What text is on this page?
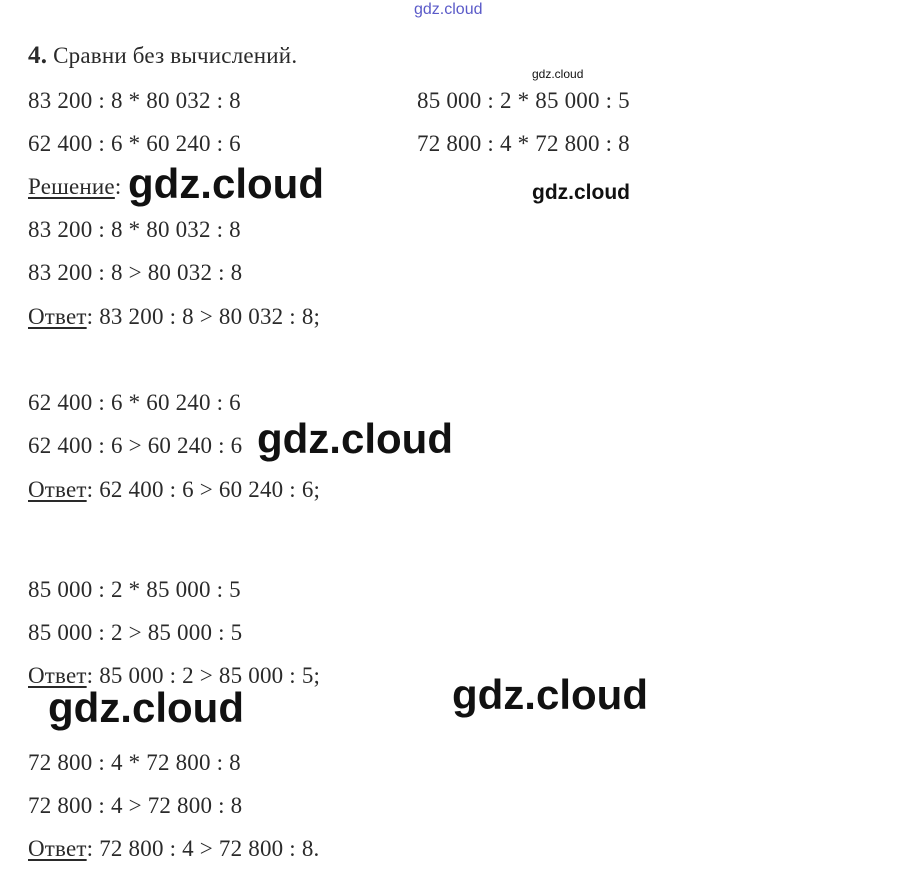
gdz.cloud
gdz.cloud
4. Сравни без вычислений.
83 200 : 8 * 80 032 : 8	85 000 : 2 * 85 000 : 5
62 400 : 6 * 60 240 : 6	72 800 : 4 * 72 800 : 8
Решение: gdz.cloud	gdz.cloud
83 200 : 8 * 80 032 : 8
83 200 : 8 > 80 032 : 8
Ответ: 83 200 : 8 > 80 032 : 8;
62 400 : 6 * 60 240 : 6
62 400 : 6 > 60 240 : 6 gdz.cloud
Ответ: 62 400 : 6 > 60 240 : 6;
85 000 : 2 * 85 000 : 5
85 000 : 2 > 85 000 : 5
Ответ: 85 000 : 2 > 85 000 : 5;	gdz.cloud
gdz.cloud
72 800 : 4 * 72 800 : 8
72 800 : 4 > 72 800 : 8
Ответ: 72 800 : 4 > 72 800 : 8.
